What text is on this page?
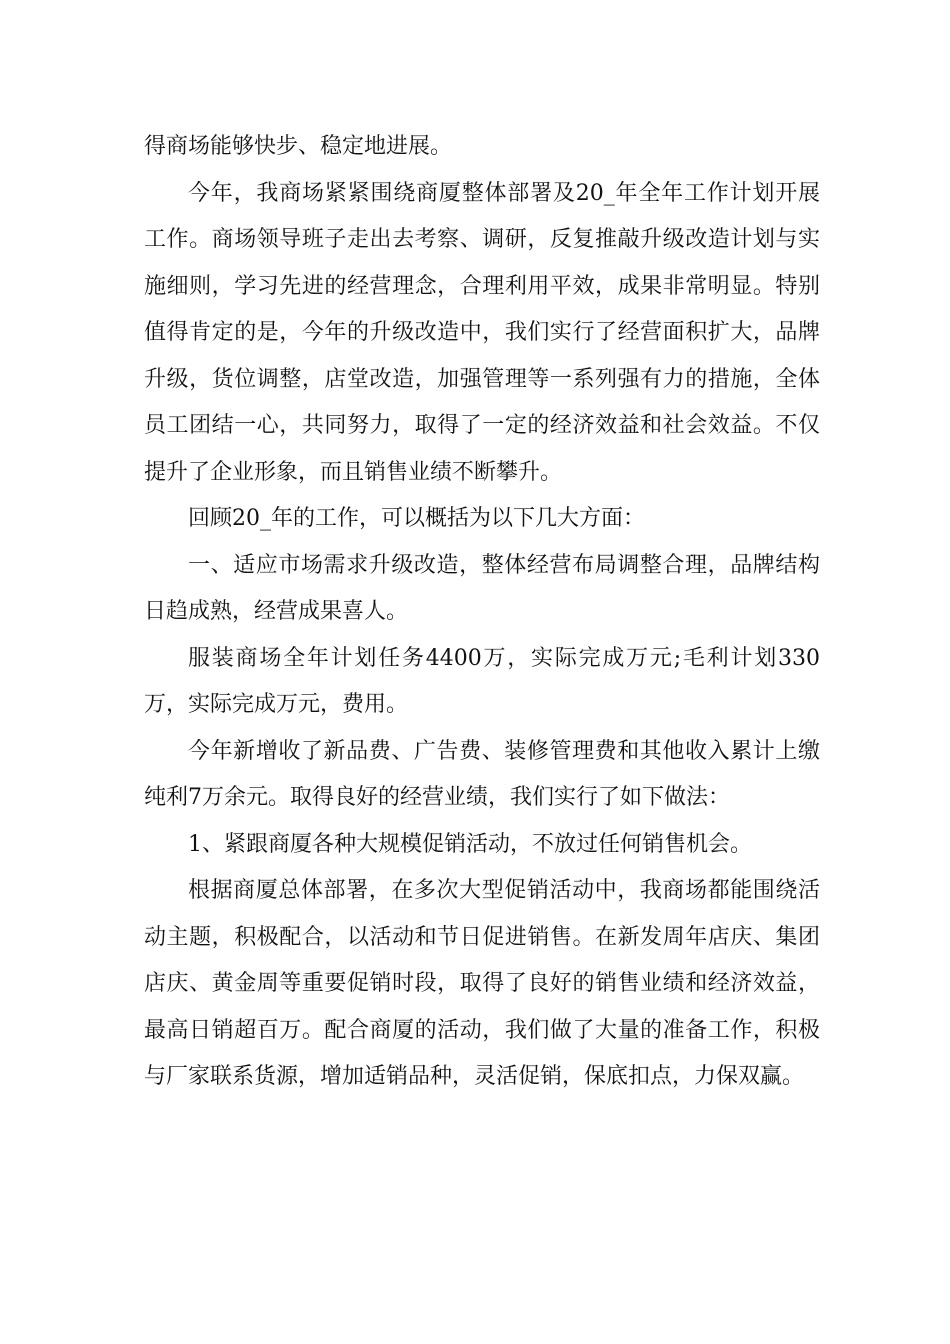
得商场能够快步、稳定地进展。

今年，我商场紧紧围绕商厦整体部署及20_年全年工作计划开展工作。商场领导班子走出去考察、调研，反复推敲升级改造计划与实施细则，学习先进的经营理念，合理利用平效，成果非常明显。特别值得肯定的是，今年的升级改造中，我们实行了经营面积扩大，品牌升级，货位调整，店堂改造，加强管理等一系列强有力的措施，全体员工团结一心，共同努力，取得了一定的经济效益和社会效益。不仅提升了企业形象，而且销售业绩不断攀升。

回顾20_年的工作，可以概括为以下几大方面：

一、适应市场需求升级改造，整体经营布局调整合理，品牌结构日趋成熟，经营成果喜人。

服装商场全年计划任务4400万，实际完成万元;毛利计划330万，实际完成万元，费用。

今年新增收了新品费、广告费、装修管理费和其他收入累计上缴纯利7万余元。取得良好的经营业绩，我们实行了如下做法：

1、紧跟商厦各种大规模促销活动，不放过任何销售机会。

根据商厦总体部署，在多次大型促销活动中，我商场都能围绕活动主题，积极配合，以活动和节日促进销售。在新发周年店庆、集团店庆、黄金周等重要促销时段，取得了良好的销售业绩和经济效益，最高日销超百万。配合商厦的活动，我们做了大量的准备工作，积极与厂家联系货源，增加适销品种，灵活促销，保底扣点，力保双赢。
